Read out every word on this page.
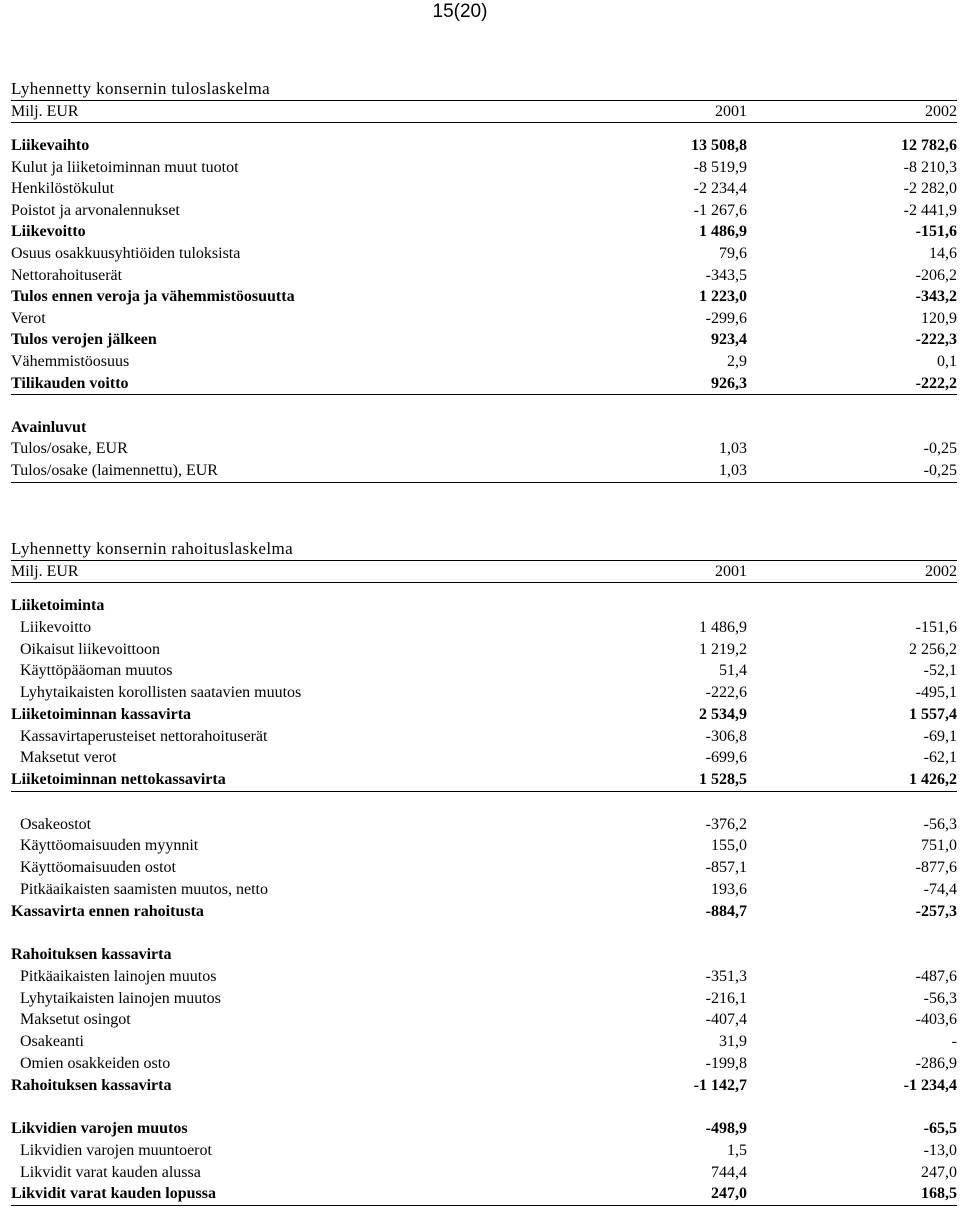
15(20)
Lyhennetty konsernin tuloslaskelma
Milj. EUR	2001	2002
Liikevaihto	13 508,8	12 782,6
Kulut ja liiketoiminnan muut tuotot	-8 519,9	-8 210,3
Henkilöstökulut	-2 234,4	-2 282,0
Poistot ja arvonalennukset	-1 267,6	-2 441,9
Liikevoitto	1 486,9	-151,6
Osuus osakkuusyhtiöiden tuloksista	79,6	14,6
Nettorahoituserät	-343,5	-206,2
Tulos ennen veroja ja vähemmistöosuutta	1 223,0	-343,2
Verot	-299,6	120,9
Tulos verojen jälkeen	923,4	-222,3
Vähemmistöosuus	2,9	0,1
Tilikauden voitto	926,3	-222,2
Avainluvut
Tulos/osake, EUR	1,03	-0,25
Tulos/osake (laimennettu), EUR	1,03	-0,25
Lyhennetty konsernin rahoituslaskelma
Milj. EUR	2001	2002
Liiketoiminta
Liikevoitto	1 486,9	-151,6
Oikaisut liikevoittoon	1 219,2	2 256,2
Käyttöpääoman muutos	51,4	-52,1
Lyhytaikaisten korollisten saatavien muutos	-222,6	-495,1
Liiketoiminnan kassavirta	2 534,9	1 557,4
Kassavirtaperusteiset nettorahoituserät	-306,8	-69,1
Maksetut verot	-699,6	-62,1
Liiketoiminnan nettokassavirta	1 528,5	1 426,2
Osakeostot	-376,2	-56,3
Käyttöomaisuuden myynnit	155,0	751,0
Käyttöomaisuuden ostot	-857,1	-877,6
Pitkäaikaisten saamisten muutos, netto	193,6	-74,4
Kassavirta ennen rahoitusta	-884,7	-257,3
Rahoituksen kassavirta
Pitkäaikaisten lainojen muutos	-351,3	-487,6
Lyhytaikaisten lainojen muutos	-216,1	-56,3
Maksetut osingot	-407,4	-403,6
Osakeanti	31,9	-
Omien osakkeiden osto	-199,8	-286,9
Rahoituksen kassavirta	-1 142,7	-1 234,4
Likvidien varojen muutos	-498,9	-65,5
Likvidien varojen muuntoerot	1,5	-13,0
Likvidit varat kauden alussa	744,4	247,0
Likvidit varat kauden lopussa	247,0	168,5
